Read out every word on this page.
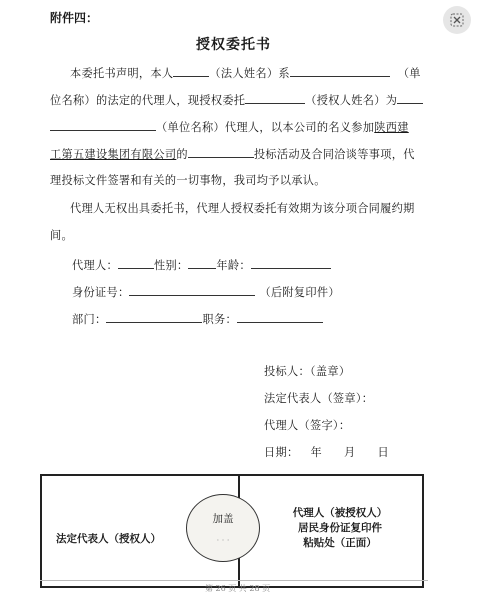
附件四：
授权委托书
本委托书声明，本人	（法人姓名）系	（单
位名称）的法定的代理人，现授权委托	（授权人姓名）为
（单位名称）代理人，以本公司的名义参加陕西建
工第五建设集团有限公司的	投标活动及合同洽谈等事项，代
理投标文件签署和有关的一切事物，我司均予以承认。
代理人无权出具委托书，代理人授权委托有效期为该分项合同履约期
间。
代理人：	性别：	年龄：
身份证号：	（后附复印件）
部门：	职务：
投标人：（盖章）
法定代表人（签章）：
代理人（签字）：
日期： 年 月 日
法定代表人（授权人）
代理人（被授权人）
居民身份证复印件
粘贴处（正面）
加盖
· · ·
第 26 页 共 28 页
